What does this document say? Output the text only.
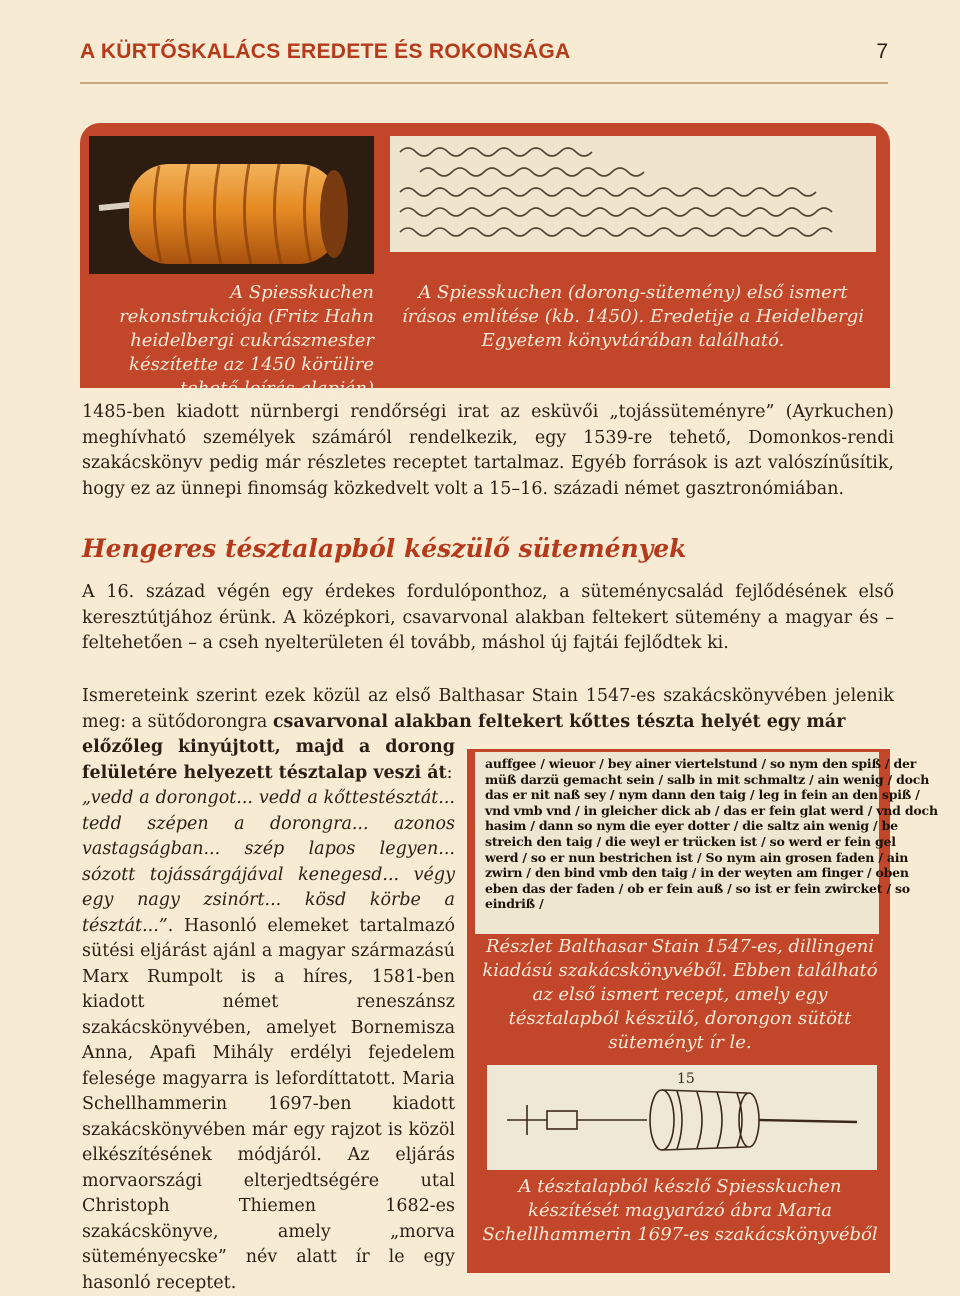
A KÜRTŐSKALÁCS EREDETE ÉS ROKONSÁGA	7
A Spiesskuchen rekonstrukciója (Fritz Hahn heidelbergi cukrászmester készítette az 1450 körülire tehető leírás alapján)
A Spiesskuchen (dorong-sütemény) első ismert írásos említése (kb. 1450). Eredetije a Heidelbergi Egyetem könyvtárában található.
1485-ben kiadott nürnbergi rendőrségi irat az esküvői „tojássüteményre” (Ayrkuchen) meghívható személyek számáról rendelkezik, egy 1539-re tehető, Domonkos-rendi szakácskönyv pedig már részletes receptet tartalmaz. Egyéb források is azt valószínűsítik, hogy ez az ünnepi finomság közkedvelt volt a 15–16. századi német gasztronómiában.
Hengeres tésztalapból készülő sütemények
A 16. század végén egy érdekes fordulóponthoz, a süteménycsalád fejlődésének első keresztútjához érünk. A középkori, csavarvonal alakban feltekert sütemény a magyar és – feltehetően – a cseh nyelterületen él tovább, máshol új fajtái fejlődtek ki.
Ismereteink szerint ezek közül az első Balthasar Stain 1547-es szakácskönyvében jelenik meg: a sütődorongra csavarvonal alakban feltekert kőttes tészta helyét egy már
előzőleg kinyújtott, majd a dorong felületére helyezett tésztalap veszi át:
„vedd a dorongot... vedd a kőttestésztát... tedd szépen a dorongra... azonos vastagságban... szép lapos legyen... sózott tojássárgájával kenegesd... végy egy nagy zsinórt... kösd körbe a tésztát...”. Hasonló elemeket tartalmazó sütési eljárást ajánl a magyar származású Marx Rumpolt is a híres, 1581-ben kiadott német reneszánsz szakácskönyvében, amelyet Bornemisza Anna, Apafi Mihály erdélyi fejedelem felesége magyarra is lefordíttatott. Maria Schellhammerin 1697-ben kiadott szakácskönyvében már egy rajzot is közöl elkészítésének módjáról. Az eljárás morvaországi elterjedtségére utal Christoph Thiemen 1682-es szakácskönyve, amely „morva süteményecske” név alatt ír le egy hasonló receptet.
auffgee / wieuor / bey ainer viertelstund / so nym den spiß / der
müß darzü gemacht sein / salb in mit schmaltz / ain wenig / doch
das er nit naß sey / nym dann den taig / leg in fein an den spiß /
vnd vmb vnd / in gleicher dick ab / das er fein glat werd / vnd doch
hasim / dann so nym die eyer dotter / die saltz ain wenig / be
streich den taig / die weyl er trücken ist / so werd er fein gel
werd / so er nun bestrichen ist / So nym ain grosen faden / ain
zwirn / den bind vmb den taig / in der weyten am finger / oben
eben das der faden / ob er fein auß / so ist er fein zwircket / so
eindriß /
Részlet Balthasar Stain 1547-es, dillingeni kiadású szakácskönyvéből. Ebben található az első ismert recept, amely egy tésztalapból készülő, dorongon sütött süteményt ír le.
15
A tésztalapból készlő Spiesskuchen készítését magyarázó ábra Maria Schellhammerin 1697-es szakácskönyvéből
